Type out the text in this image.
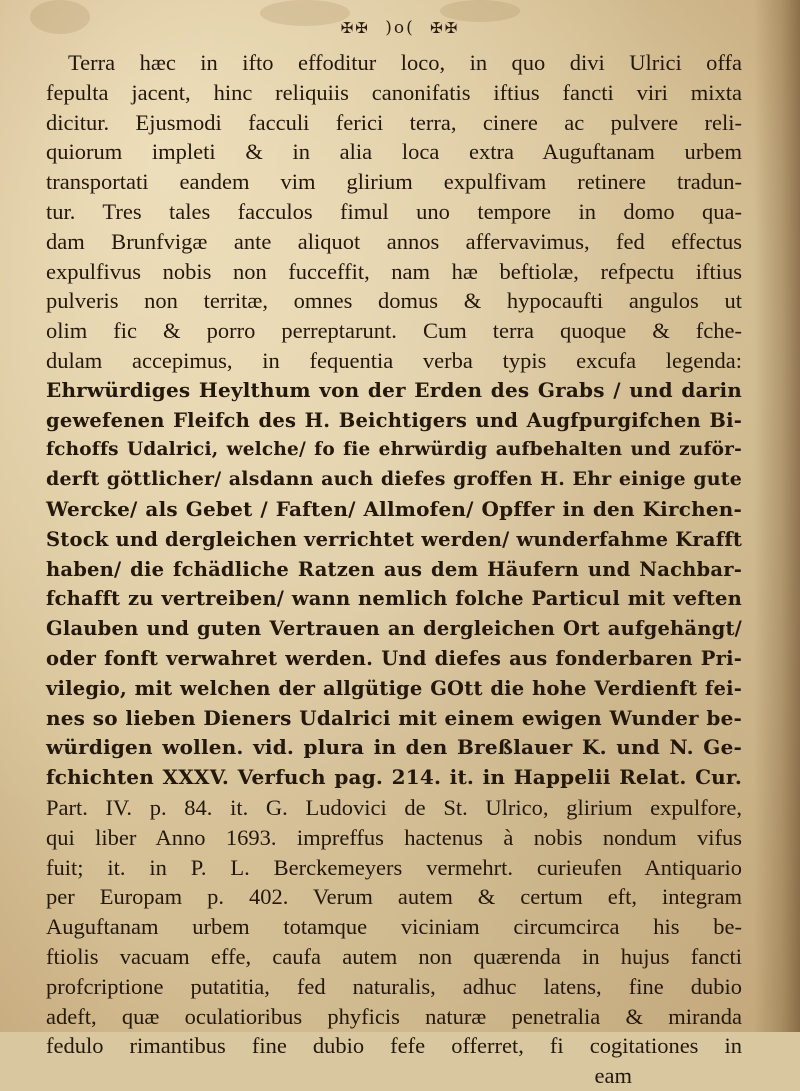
✠✠ )o( ✠✠
Terra hæc in ifto effoditur loco, in quo divi Ulrici offa
fepulta jacent, hinc reliquiis canonifatis iftius fancti viri mixta
dicitur. Ejusmodi facculi ferici terra, cinere ac pulvere reli-
quiorum impleti & in alia loca extra Auguftanam urbem
transportati eandem vim glirium expulfivam retinere tradun-
tur. Tres tales facculos fimul uno tempore in domo qua-
dam Brunfvigæ ante aliquot annos affervavimus, fed effectus
expulfivus nobis non fucceffit, nam hæ beftiolæ, refpectu iftius
pulveris non territæ, omnes domus & hypocaufti angulos ut
olim fic & porro perreptarunt. Cum terra quoque & fche-
dulam accepimus, in fequentia verba typis excufa legenda:
Ehrwürdiges Heylthum von der Erden des Grabs / und darin
gewefenen Fleifch des H. Beichtigers und Augfpurgifchen Bi-
fchoffs Udalrici, welche/ fo fie ehrwürdig aufbehalten und zuför-
derft göttlicher/ alsdann auch diefes groffen H. Ehr einige gute
Wercke/ als Gebet / Faften/ Allmofen/ Opffer in den Kirchen-
Stock und dergleichen verrichtet werden/ wunderfahme Krafft
haben/ die fchädliche Ratzen aus dem Häufern und Nachbar-
fchafft zu vertreiben/ wann nemlich folche Particul mit veften
Glauben und guten Vertrauen an dergleichen Ort aufgehängt/
oder fonft verwahret werden. Und diefes aus fonderbaren Pri-
vilegio, mit welchen der allgütige GOtt die hohe Verdienft fei-
nes so lieben Dieners Udalrici mit einem ewigen Wunder be-
würdigen wollen. vid. plura in den Breßlauer K. und N. Ge-
fchichten XXXV. Verfuch pag. 214. it. in Happelii Relat. Cur.
Part. IV. p. 84. it. G. Ludovici de St. Ulrico, glirium expulfore,
qui liber Anno 1693. impreffus hactenus à nobis nondum vifus
fuit; it. in P. L. Berckemeyers vermehrt. curieufen Antiquario
per Europam p. 402. Verum autem & certum eft, integram
Auguftanam urbem totamque viciniam circumcirca his be-
ftiolis vacuam effe, caufa autem non quærenda in hujus fancti
profcriptione putatitia, fed naturalis, adhuc latens, fine dubio
adeft, quæ oculatioribus phyficis naturæ penetralia & miranda
fedulo rimantibus fine dubio fefe offerret, fi cogitationes in
eam
